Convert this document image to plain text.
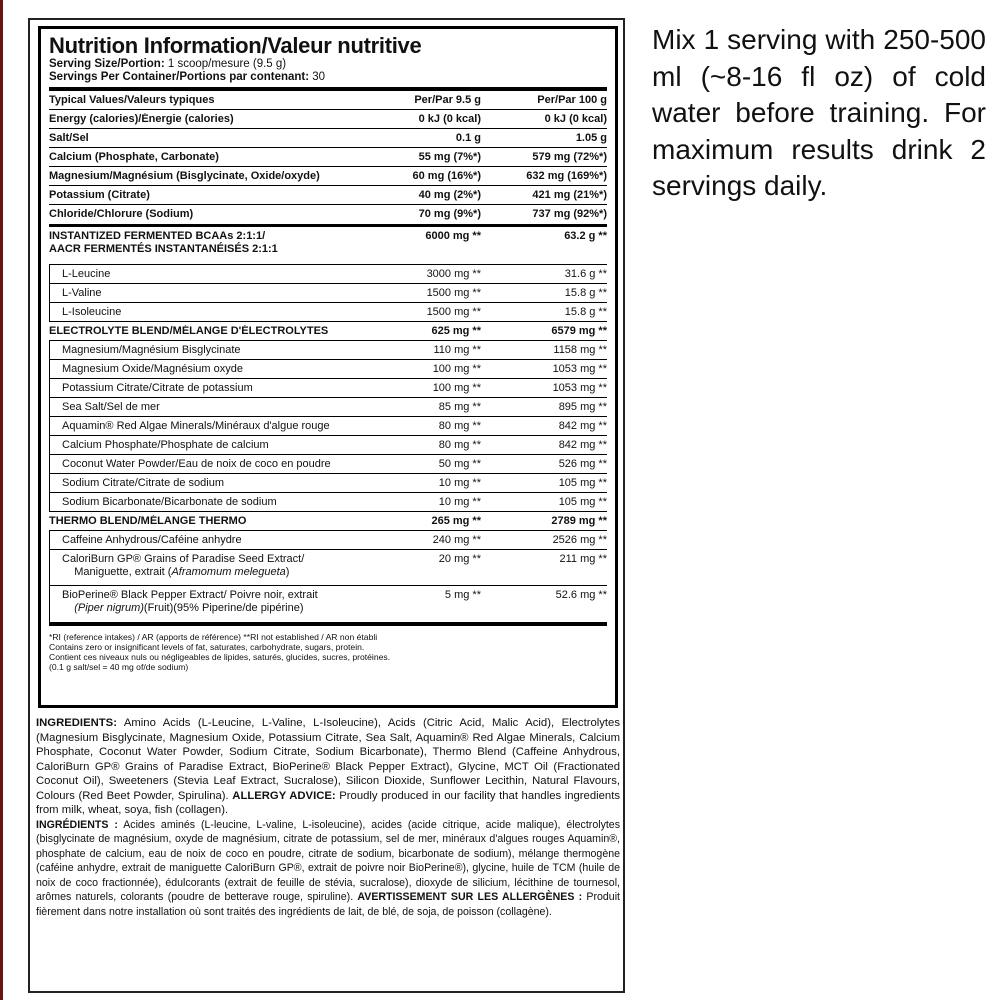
Nutrition Information/Valeur nutritive
Serving Size/Portion: 1 scoop/mesure (9.5 g)
Servings Per Container/Portions par contenant: 30
Typical Values/Valeurs typiques	Per/Par 9.5 g	Per/Par 100 g
Energy (calories)/Énergie (calories)	0 kJ (0 kcal)	0 kJ (0 kcal)
Salt/Sel	0.1 g	1.05 g
Calcium (Phosphate, Carbonate)	55 mg (7%*)	579 mg (72%*)
Magnesium/Magnésium (Bisglycinate, Oxide/oxyde)	60 mg (16%*)	632 mg (169%*)
Potassium (Citrate)	40 mg (2%*)	421 mg (21%*)
Chloride/Chlorure (Sodium)	70 mg (9%*)	737 mg (92%*)
INSTANTIZED FERMENTED BCAAs 2:1:1/
AACR FERMENTÉS INSTANTANÉISÉS 2:1:1
6000 mg **	63.2 g **
L-Leucine	3000 mg **	31.6 g **
L-Valine	1500 mg **	15.8 g **
L-Isoleucine	1500 mg **	15.8 g **
ELECTROLYTE BLEND/MÉLANGE D'ÉLECTROLYTES	625 mg **	6579 mg **
Magnesium/Magnésium Bisglycinate	110 mg **	1158 mg **
Magnesium Oxide/Magnésium oxyde	100 mg **	1053 mg **
Potassium Citrate/Citrate de potassium	100 mg **	1053 mg **
Sea Salt/Sel de mer	85 mg **	895 mg **
Aquamin® Red Algae Minerals/Minéraux d'algue rouge	80 mg **	842 mg **
Calcium Phosphate/Phosphate de calcium	80 mg **	842 mg **
Coconut Water Powder/Eau de noix de coco en poudre	50 mg **	526 mg **
Sodium Citrate/Citrate de sodium	10 mg **	105 mg **
Sodium Bicarbonate/Bicarbonate de sodium	10 mg **	105 mg **
THERMO BLEND/MÉLANGE THERMO	265 mg **	2789 mg **
Caffeine Anhydrous/Caféine anhydre	240 mg **	2526 mg **
CaloriBurn GP® Grains of Paradise Seed Extract/
Maniguette, extrait (Aframomum melegueta)
20 mg **	211 mg **
BioPerine® Black Pepper Extract/ Poivre noir, extrait
(Piper nigrum)(Fruit)(95% Piperine/de pipérine)
5 mg **	52.6 mg **
*RI (reference intakes) / AR (apports de référence) **RI not established / AR non établi
Contains zero or insignificant levels of fat, saturates, carbohydrate, sugars, protein.
Contient ces niveaux nuls ou négligeables de lipides, saturés, glucides, sucres, protéines.
(0.1 g salt/sel = 40 mg of/de sodium)

INGREDIENTS: Amino Acids (L-Leucine, L-Valine, L-Isoleucine), Acids (Citric Acid, Malic Acid), Electrolytes (Magnesium Bisglycinate, Magnesium Oxide, Potassium Citrate, Sea Salt, Aquamin® Red Algae Minerals, Calcium Phosphate, Coconut Water Powder, Sodium Citrate, Sodium Bicarbonate), Thermo Blend (Caffeine Anhydrous, CaloriBurn GP® Grains of Paradise Extract, BioPerine® Black Pepper Extract), Glycine, MCT Oil (Fractionated Coconut Oil), Sweeteners (Stevia Leaf Extract, Sucralose), Silicon Dioxide, Sunflower Lecithin, Natural Flavours, Colours (Red Beet Powder, Spirulina). ALLERGY ADVICE: Proudly produced in our facility that handles ingredients from milk, wheat, soya, fish (collagen).

INGRÉDIENTS : Acides aminés (L-leucine, L-valine, L-isoleucine), acides (acide citrique, acide malique), électrolytes (bisglycinate de magnésium, oxyde de magnésium, citrate de potassium, sel de mer, minéraux d'algues rouges Aquamin®, phosphate de calcium, eau de noix de coco en poudre, citrate de sodium, bicarbonate de sodium), mélange thermogène (caféine anhydre, extrait de maniguette CaloriBurn GP®, extrait de poivre noir BioPerine®), glycine, huile de TCM (huile de noix de coco fractionnée), édulcorants (extrait de feuille de stévia, sucralose), dioxyde de silicium, lécithine de tournesol, arômes naturels, colorants (poudre de betterave rouge, spiruline). AVERTISSEMENT SUR LES ALLERGÈNES : Produit fièrement dans notre installation où sont traités des ingrédients de lait, de blé, de soja, de poisson (collagène).

Mix 1 serving with 250-500 ml (~8-16 fl oz) of cold water before training. For maximum results drink 2 servings daily.
